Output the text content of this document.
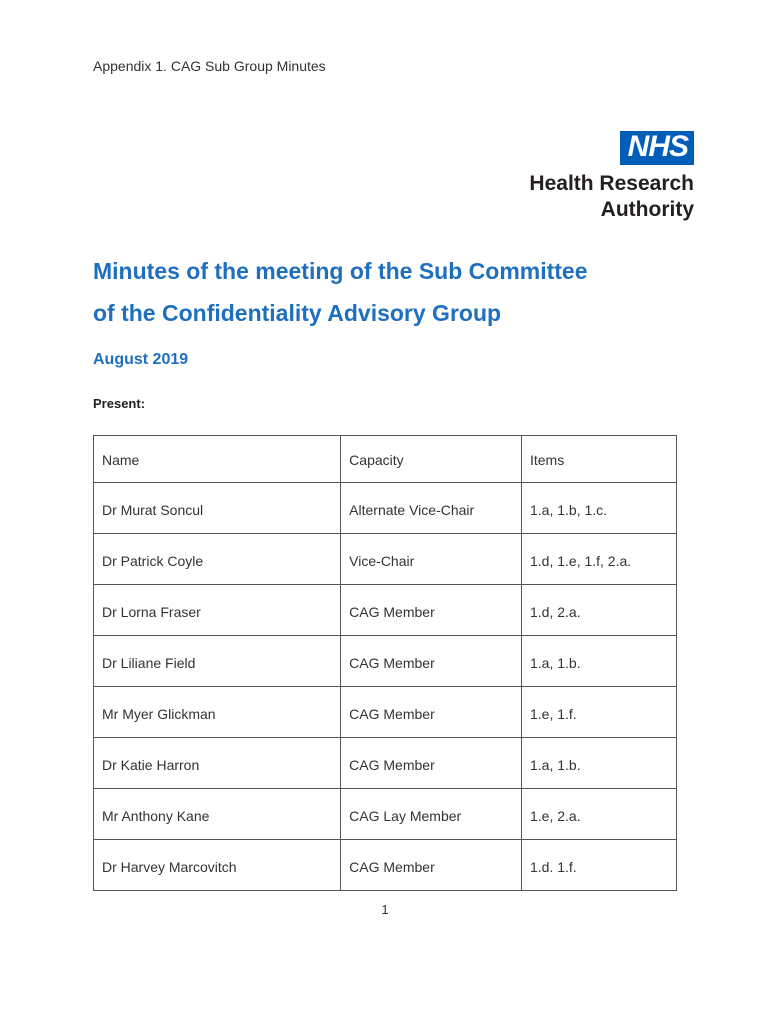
Appendix 1. CAG Sub Group Minutes
NHS
Health Research
Authority
Minutes of the meeting of the Sub Committee
of the Confidentiality Advisory Group
August 2019
Present:
Name	Capacity	Items
Dr Murat Soncul	Alternate Vice-Chair	1.a, 1.b, 1.c.
Dr Patrick Coyle	Vice-Chair	1.d, 1.e, 1.f, 2.a.
Dr Lorna Fraser	CAG Member	1.d, 2.a.
Dr Liliane Field	CAG Member	1.a, 1.b.
Mr Myer Glickman	CAG Member	1.e, 1.f.
Dr Katie Harron	CAG Member	1.a, 1.b.
Mr Anthony Kane	CAG Lay Member	1.e, 2.a.
Dr Harvey Marcovitch	CAG Member	1.d. 1.f.
1
